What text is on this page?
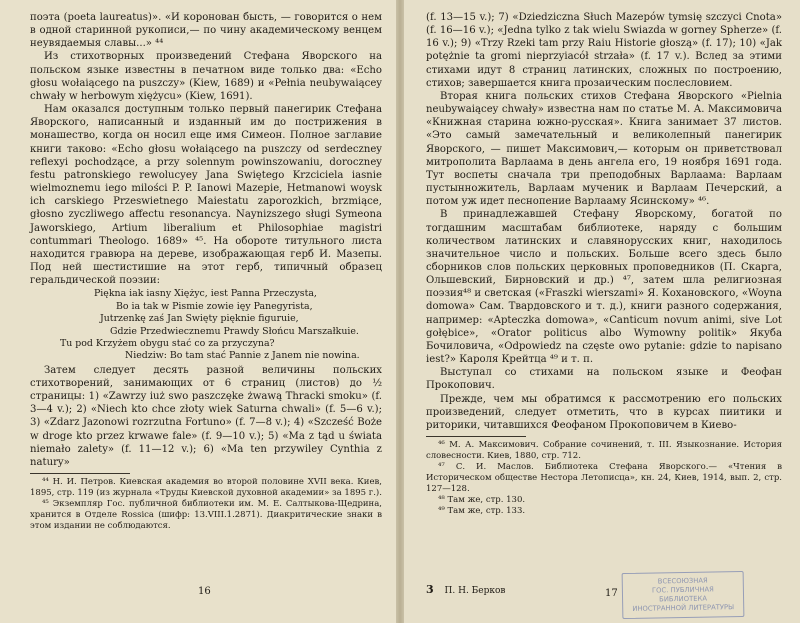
поэта (poeta laureatus)». «И коронован бысть, — говорится о нем в одной старинной рукописи,— по чину академическому венцем неувядаемыя славы...» ⁴⁴

Из стихотворных произведений Стефана Яворского на польском языке известны в печатном виде только два: «Echo głosu wołaiącego na puszczy» (Kiew, 1689) и «Pełnia neubywaiącey chwały w herbowym xiężycu» (Kiew, 1691).

Нам оказался доступным только первый панегирик Стефана Яворского, написанный и изданный им до пострижения в монашество, когда он носил еще имя Симеон. Полное заглавие книги таково: «Echo głosu wołaiącego na puszczy od serdeczney reflexyi pochodzące, a przy solennym powinszowaniu, doroczney festu patronskiego rewolucyey Jana Swiętego Krzciciela iasnie wielmoznemu iego milości P. P. Ianowi Mazepie, Hetmanowi woysk ich carskiego Przeswietnego Maiestatu zaporozkich, brzmiące, głosno zyczliwego affectu resonancya. Naynizszego sługi Symeona Jaworskiego, Artium liberalium et Philosophiae magistri contummari Theologo. 1689» ⁴⁵. На обороте титульного листа находится гравюра на дереве, изображающая герб И. Мазепы. Под ней шестистишие на этот герб, типичный образец геральдической поэзии:

Piękna iak iasny Xiężyc, iest Panna Przeczysta,
Bo ia tak w Pismie zowie ięy Panegyrista,
Jutrzenkę zaś Jan Swięty pięknie figuruie,
Gdzie Przedwiecznemu Prawdy Słońcu Marszałkuie.
Tu pod Krzyżem obygu stać co za przyczyna?
Niedziw: Bo tam stać Pannie z Janem nie nowina.

Затем следует десять разной величины польских стихотворений, занимающих от 6 страниц (листов) до ½ страницы: 1) «Zawrzy iuż swo paszczęke żwawą Thracki smoku» (f. 3—4 v.); 2) «Niech kto chce złoty wiek Saturna chwali» (f. 5—6 v.); 3) «Zdarz Jazonowi rozrzutna Fortuno» (f. 7—8 v.); 4) «Szcześć Boże w droge kto przez krwawe fale» (f. 9—10 v.); 5) «Ma z tąd u świata niemało zalety» (f. 11—12 v.); 6) «Ma ten przywiley Cynthia z natury»

⁴⁴ Н. И. Петров. Киевская академия во второй половине XVII века. Киев, 1895, стр. 119 (из журнала «Труды Киевской духовной академии» за 1895 г.).

⁴⁵ Экземпляр Гос. публичной библиотеки им. М. Е. Салтыкова-Щедрина, хранится в Отделе Rossica (шифр: 13.VIII.1.2871). Диакритические знаки в этом издании не соблюдаются.

16

(f. 13—15 v.); 7) «Dziedziczna Słuch Mazepów tymsię szczyci Cnota» (f. 16—16 v.); «Jedna tylko z tak wielu Swiazda w gorney Spherze» (f. 16 v.); 9) «Trzy Rzeki tam przy Raiu Historie głoszą» (f. 17); 10) «Jak potężnie ta gromi nieprzyiacół strzała» (f. 17 v.). Вслед за этими стихами идут 8 страниц латинских, сложных по построению, стихов; завершается книга прозаическим послесловием.

Вторая книга польских стихов Стефана Яворского «Pielnia neubywaiącey chwały» известна нам по статье М. А. Максимовича «Книжная старина южно-русская». Книга занимает 37 листов. «Это самый замечательный и великолепный панегирик Яворского, — пишет Максимович,— которым он приветствовал митрополита Варлаама в день ангела его, 19 ноября 1691 года. Тут воспеты сначала три преподобных Варлаама: Варлаам пустынножитель, Варлаам мученик и Варлаам Печерский, а потом уж идет песнопение Варлааму Ясинскому» ⁴⁶.

В принадлежавшей Стефану Яворскому, богатой по тогдашним масштабам библиотеке, наряду с большим количеством латинских и славянорусских книг, находилось значительное число и польских. Больше всего здесь было сборников слов польских церковных проповедников (П. Скарга, Ольшевский, Бирновский и др.) ⁴⁷, затем шла религиозная поэзия⁴⁸ и светская («Fraszki wierszami» Я. Кохановского, «Woyna domowa» Сам. Твардовского и т. д.), книги разного содержания, например: «Apteczka domowa», «Canticum novum animi, sive Lot gołębice», «Orator politicus albo Wymowny politik» Якуба Бочиловича, «Odpowiedz na częste owo pytanie: gdzie to napisano iest?» Кароля Крейтца ⁴⁹ и т. п.

Выступал со стихами на польском языке и Феофан Прокопович.

Прежде, чем мы обратимся к рассмотрению его польских произведений, следует отметить, что в курсах пиитики и риторики, читавшихся Феофаном Прокоповичем в Киево-

⁴⁶ М. А. Максимович. Собрание сочинений, т. III. Языкознание. История словесности. Киев, 1880, стр. 712.

⁴⁷ С. И. Маслов. Библиотека Стефана Яворского.— «Чтения в Историческом обществе Нестора Летописца», кн. 24, Киев, 1914, вып. 2, стр. 127—128.

⁴⁸ Там же, стр. 130.

⁴⁹ Там же, стр. 133.

3 П. Н. Берков	17
ВСЕСОЮЗНАЯ
ГОС. ПУБЛИЧНАЯ
БИБЛИОТЕКА
ИНОСТРАННОЙ ЛИТЕРАТУРЫ
